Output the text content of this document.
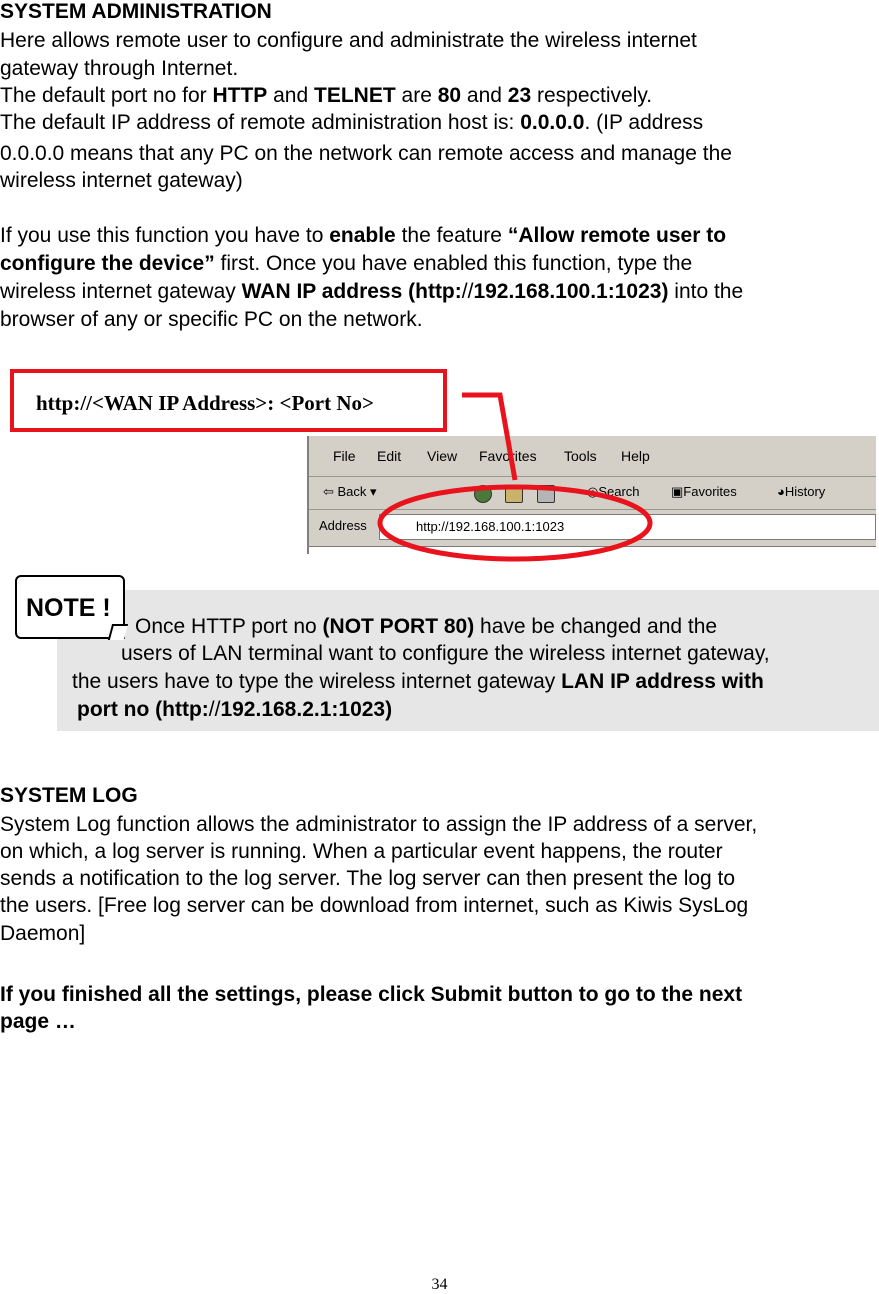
SYSTEM ADMINISTRATION
Here allows remote user to configure and administrate the wireless internet
gateway through Internet.
The default port no for HTTP and TELNET are 80 and 23 respectively.
The default IP address of remote administration host is: 0.0.0.0. (IP address
0.0.0.0 means that any PC on the network can remote access and manage the
wireless internet gateway)
If you use this function you have to enable the feature “Allow remote user to
configure the device” first. Once you have enabled this function, type the
wireless internet gateway WAN IP address (http://192.168.100.1:1023) into the
browser of any or specific PC on the network.
File Edit View Favorites Tools Help
⇦ Back ▾	◎Search ▣Favorites	◕History
Address	http://192.168.100.1:1023
http://<WAN IP Address>: <Port No>
Once HTTP port no (NOT PORT 80) have be changed and the
users of LAN terminal want to configure the wireless internet gateway,
the users have to type the wireless internet gateway LAN IP address with
port no (http://192.168.2.1:1023)
NOTE !
SYSTEM LOG
System Log function allows the administrator to assign the IP address of a server,
on which, a log server is running. When a particular event happens, the router
sends a notification to the log server. The log server can then present the log to
the users. [Free log server can be download from internet, such as Kiwis SysLog
Daemon]
If you finished all the settings, please click Submit button to go to the next
page …
34
